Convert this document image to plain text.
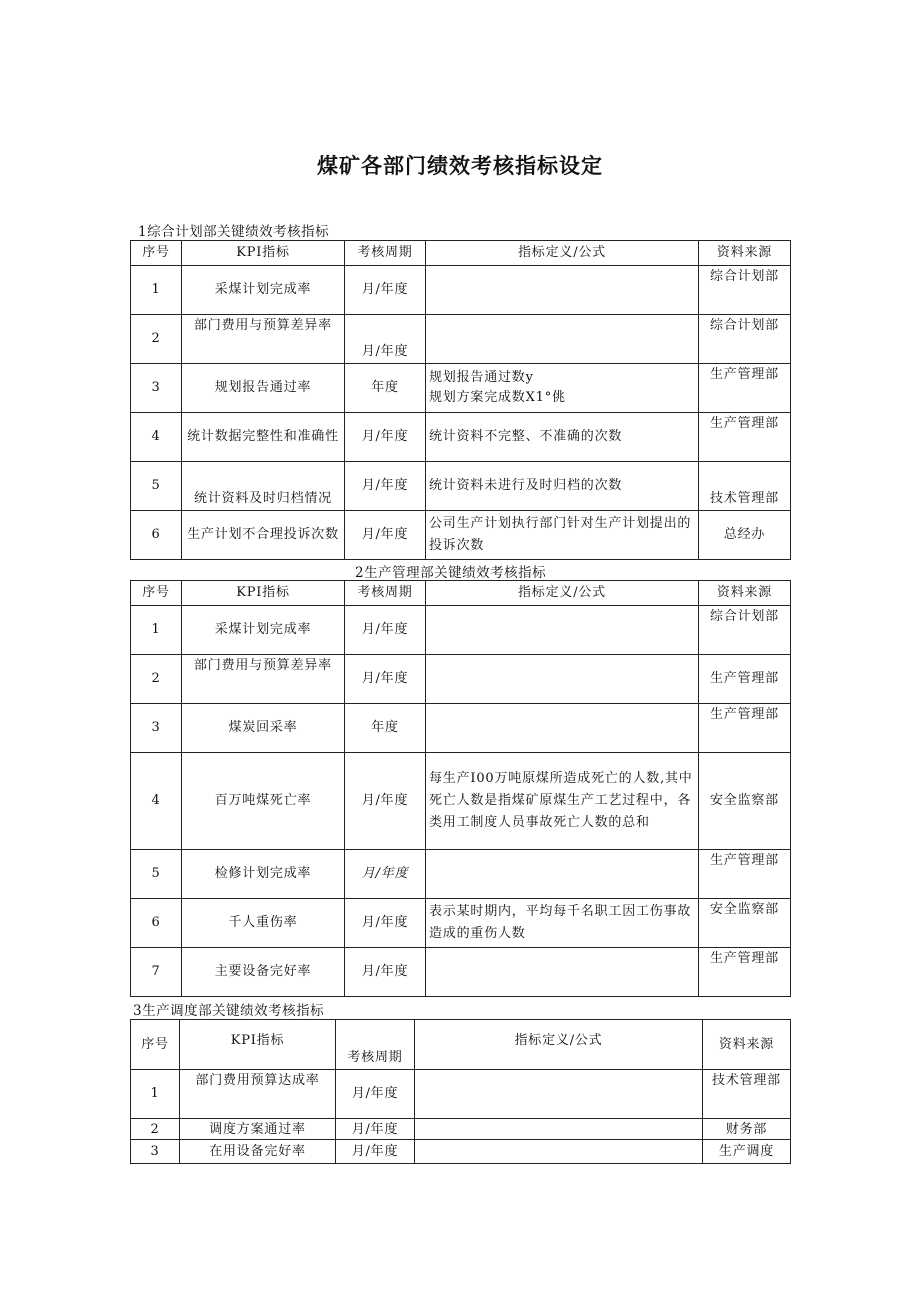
煤矿各部门绩效考核指标设定
1综合计划部关键绩效考核指标
序号	KPI指标	考核周期	指标定义/公式	资料来源
1	采煤计划完成率	月/年度		综合计划部
2	部门费用与预算差异率	月/年度		综合计划部
3	规划报告通过率	年度	规划报告通过数y
规划方案完成数X1°佻	生产管理部
4	统计数据完整性和准确性	月/年度	统计资料不完整、不准确的次数	生产管理部
5	统计资料及时归档情况	月/年度	统计资料未进行及时归档的次数	技术管理部
6	生产计划不合理投诉次数	月/年度	公司生产计划执行部门针对生产计划提出的投诉次数	总经办
2生产管理部关键绩效考核指标
序号	KPI指标	考核周期	指标定义/公式	资料来源
1	采煤计划完成率	月/年度		综合计划部
2	部门费用与预算差异率	月/年度		生产管理部
3	煤炭回采率	年度		生产管理部
4	百万吨煤死亡率	月/年度	每生产I00万吨原煤所造成死亡的人数,其中死亡人数是指煤矿原煤生产工艺过程中，各类用工制度人员事故死亡人数的总和	安全监察部
5	检修计划完成率	月/年度		生产管理部
6	千人重伤率	月/年度	表示某时期内，平均每千名职工因工伤事故造成的重伤人数	安全监察部
7	主要设备完好率	月/年度		生产管理部
3生产调度部关键绩效考核指标
序号	KPI指标	考核周期	指标定义/公式	资料来源
1	部门费用预算达成率	月/年度		技术管理部
2	调度方案通过率	月/年度		财务部
3	在用设备完好率	月/年度		生产调度
